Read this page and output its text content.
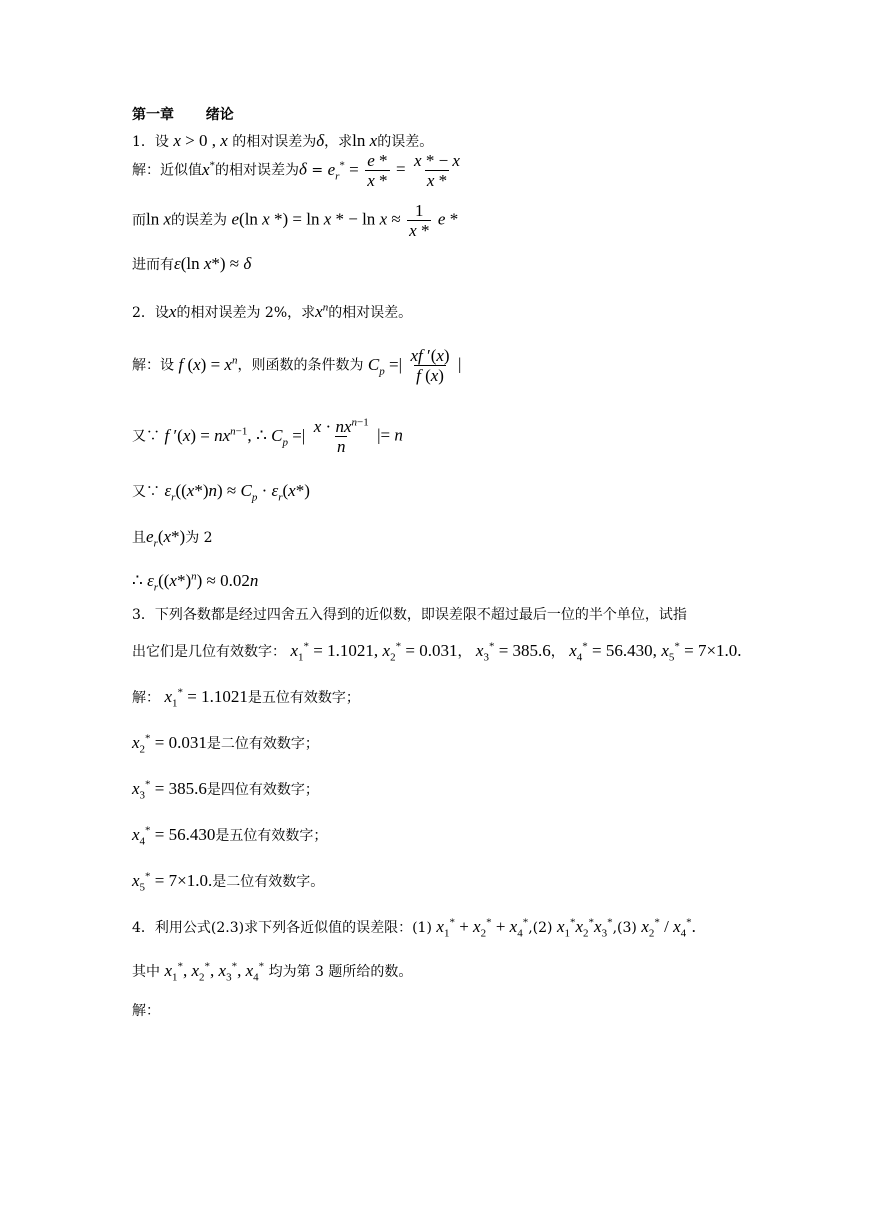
第一章 绪论
1．设 x > 0 , x 的相对误差为δ，求ln x的误差。
解：近似值x*的相对误差为$\delta = e_r^* = \frac{e *}{x *} = \frac{x * - x}{x *}$
而ln x的误差为 e(ln x *) = ln x * − $\ln x \approx \frac{1}{x *}$ e *
进而有ε(ln x*) ≈ δ
2．设x的相对误差为 2%，求$x^n$的相对误差。
解：设 f $(x) = x^n$，则函数的条件数为 $C_p$ =| $\frac{xf '(x)}{f (x)}$ |
又∵ f $'(x) = nx^{n-1}$, ∴ $C_p$ =| $\frac{x \cdot nx^{n-1}}{n}$ |= n
又∵ $\varepsilon_r((x*)n) \approx C_p \cdot \varepsilon_r(x*)$
且$e_r(x*)$为 2
∴ $\varepsilon_r((x*)^n) \approx 0.02n$
3．下列各数都是经过四舍五入得到的近似数，即误差限不超过最后一位的半个单位，试指
出它们是几位有效数字： $x_1^* = 1.1021$, $x_2^* = 0.031$， $x_3^* = 385.6$， $x_4^* = 56.430$, $x_5^* = 7\times 1.0$.
解： $x_1^* = 1.1021$是五位有效数字；
$x_2^* = 0.031$是二位有效数字；
$x_3^* = 385.6$是四位有效数字；
$x_4^* = 56.430$是五位有效数字；
$x_5^* = 7\times 1.0$.是二位有效数字。
4．利用公式(2.3)求下列各近似值的误差限：(1) $x_1^* + x_2^* + x_4^*,(2)$ $x_1^*x_2^*x_3^*,(3)$ $x_2^* / x_4^*$.
其中 $x_1^*$, $x_2^*$, $x_3^*$, $x_4^*$ 均为第 3 题所给的数。
解：
